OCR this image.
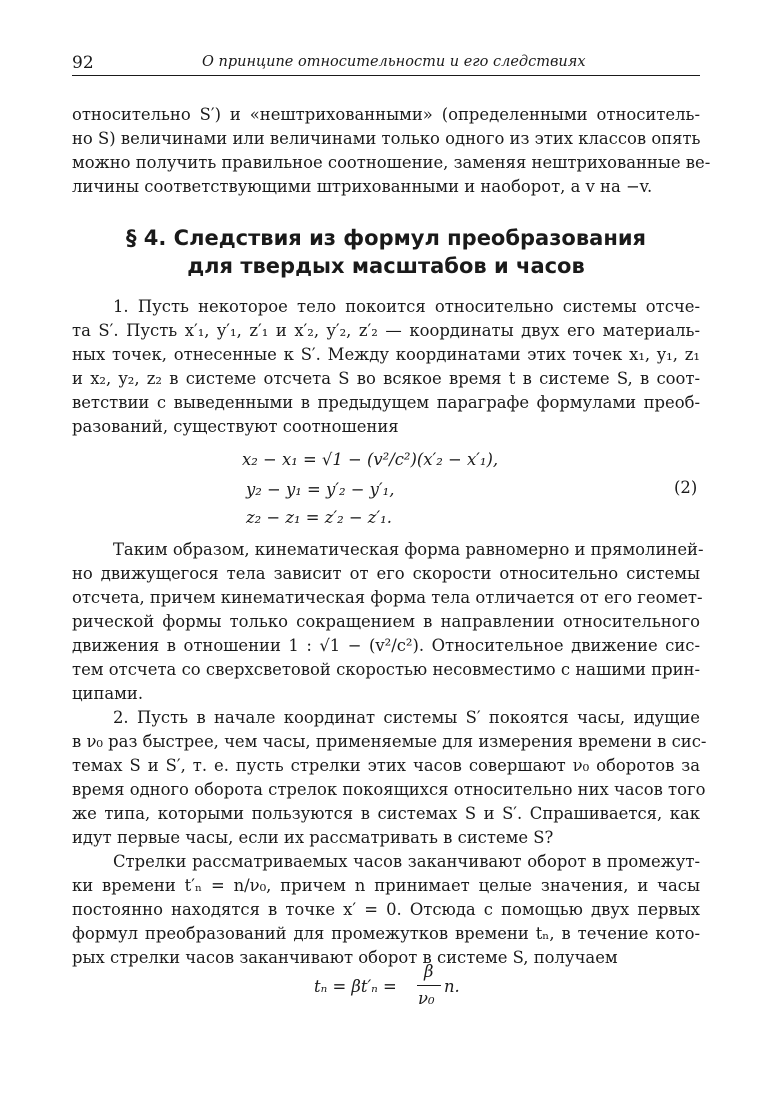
92	О принципе относительности и его следствиях
относительно S′) и «нештрихованными» (определенными относитель-
но S) величинами или величинами только одного из этих классов опять
можно получить правильное соотношение, заменяя нештрихованные ве-
личины соответствующими штрихованными и наоборот, а v на −v.
§ 4. Следствия из формул преобразования
для твердых масштабов и часов
1. Пусть некоторое тело покоится относительно системы отсче-
та S′. Пусть x′₁, y′₁, z′₁ и x′₂, y′₂, z′₂ — координаты двух его материаль-
ных точек, отнесенные к S′. Между координатами этих точек x₁, y₁, z₁
и x₂, y₂, z₂ в системе отсчета S во всякое время t в системе S, в соот-
ветствии с выведенными в предыдущем параграфе формулами преоб-
разований, существуют соотношения
x₂ − x₁ = √1 − (v²/c²)(x′₂ − x′₁),
y₂ − y₁ = y′₂ − y′₁,
z₂ − z₁ = z′₂ − z′₁.
(2)
Таким образом, кинематическая форма равномерно и прямолиней-
но движущегося тела зависит от его скорости относительно системы
отсчета, причем кинематическая форма тела отличается от его геомет-
рической формы только сокращением в направлении относительного
движения в отношении 1 : √1 − (v²/c²). Относительное движение сис-
тем отсчета со сверхсветовой скоростью несовместимо с нашими прин-
ципами.
2. Пусть в начале координат системы S′ покоятся часы, идущие
в ν₀ раз быстрее, чем часы, применяемые для измерения времени в сис-
темах S и S′, т. е. пусть стрелки этих часов совершают ν₀ оборотов за
время одного оборота стрелок покоящихся относительно них часов того
же типа, которыми пользуются в системах S и S′. Спрашивается, как
идут первые часы, если их рассматривать в системе S?
Стрелки рассматриваемых часов заканчивают оборот в промежут-
ки времени t′ₙ = n/ν₀, причем n принимает целые значения, и часы
постоянно находятся в точке x′ = 0. Отсюда с помощью двух первых
формул преобразований для промежутков времени tₙ, в течение кото-
рых стрелки часов заканчивают оборот в системе S, получаем
tₙ = βt′ₙ =
β
ν₀
n.
